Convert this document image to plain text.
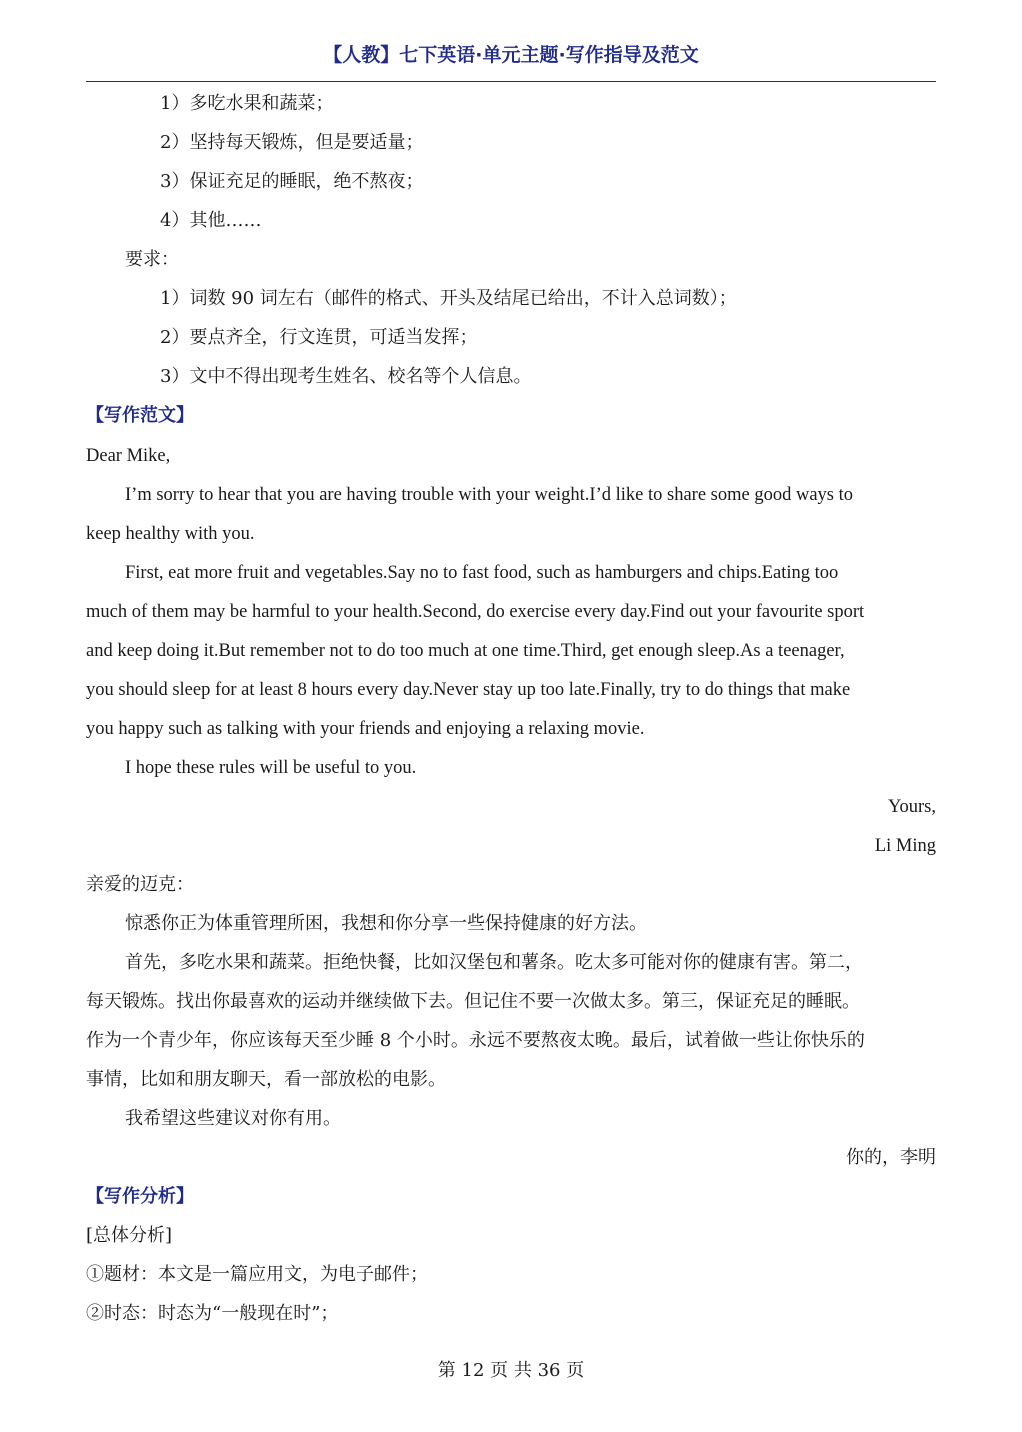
【人教】七下英语·单元主题·写作指导及范文
1）多吃水果和蔬菜；
2）坚持每天锻炼，但是要适量；
3）保证充足的睡眠，绝不熬夜；
4）其他……
要求：
1）词数 90 词左右（邮件的格式、开头及结尾已给出，不计入总词数）；
2）要点齐全，行文连贯，可适当发挥；
3）文中不得出现考生姓名、校名等个人信息。
【写作范文】
Dear Mike,
I’m sorry to hear that you are having trouble with your weight.I’d like to share some good ways to
keep healthy with you.
First, eat more fruit and vegetables.Say no to fast food, such as hamburgers and chips.Eating too
much of them may be harmful to your health.Second, do exercise every day.Find out your favourite sport
and keep doing it.But remember not to do too much at one time.Third, get enough sleep.As a teenager,
you should sleep for at least 8 hours every day.Never stay up too late.Finally, try to do things that make
you happy such as talking with your friends and enjoying a relaxing movie.
I hope these rules will be useful to you.
Yours,
Li Ming
亲爱的迈克：
惊悉你正为体重管理所困，我想和你分享一些保持健康的好方法。
首先，多吃水果和蔬菜。拒绝快餐，比如汉堡包和薯条。吃太多可能对你的健康有害。第二，
每天锻炼。找出你最喜欢的运动并继续做下去。但记住不要一次做太多。第三，保证充足的睡眠。
作为一个青少年，你应该每天至少睡 8 个小时。永远不要熬夜太晚。最后，试着做一些让你快乐的
事情，比如和朋友聊天，看一部放松的电影。
我希望这些建议对你有用。
你的，李明
【写作分析】
[总体分析]
①题材：本文是一篇应用文，为电子邮件；
②时态：时态为“一般现在时”；
第 12 页 共 36 页
